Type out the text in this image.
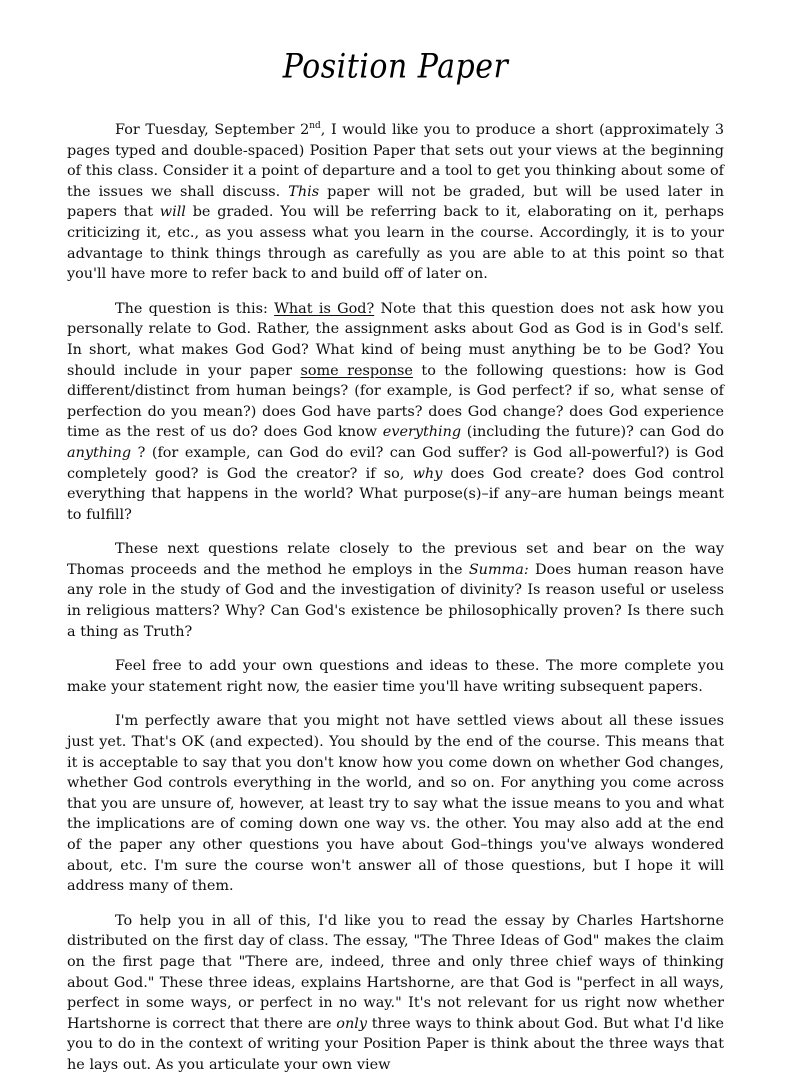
Position Paper

For Tuesday, September 2nd, I would like you to produce a short (approximately 3 pages typed and double-spaced) Position Paper that sets out your views at the beginning of this class. Consider it a point of departure and a tool to get you thinking about some of the issues we shall discuss. This paper will not be graded, but will be used later in papers that will be graded. You will be referring back to it, elaborating on it, perhaps criticizing it, etc., as you assess what you learn in the course. Accordingly, it is to your advantage to think things through as carefully as you are able to at this point so that you'll have more to refer back to and build off of later on.

The question is this: What is God? Note that this question does not ask how you personally relate to God. Rather, the assignment asks about God as God is in God's self. In short, what makes God God? What kind of being must anything be to be God? You should include in your paper some response to the following questions: how is God different/distinct from human beings? (for example, is God perfect? if so, what sense of perfection do you mean?) does God have parts? does God change? does God experience time as the rest of us do? does God know everything (including the future)? can God do anything ? (for example, can God do evil? can God suffer? is God all-powerful?) is God completely good? is God the creator? if so, why does God create? does God control everything that happens in the world? What purpose(s)–if any–are human beings meant to fulfill?

These next questions relate closely to the previous set and bear on the way Thomas proceeds and the method he employs in the Summa: Does human reason have any role in the study of God and the investigation of divinity? Is reason useful or useless in religious matters? Why? Can God's existence be philosophically proven? Is there such a thing as Truth?

Feel free to add your own questions and ideas to these. The more complete you make your statement right now, the easier time you'll have writing subsequent papers.

I'm perfectly aware that you might not have settled views about all these issues just yet. That's OK (and expected). You should by the end of the course. This means that it is acceptable to say that you don't know how you come down on whether God changes, whether God controls everything in the world, and so on. For anything you come across that you are unsure of, however, at least try to say what the issue means to you and what the implications are of coming down one way vs. the other. You may also add at the end of the paper any other questions you have about God–things you've always wondered about, etc. I'm sure the course won't answer all of those questions, but I hope it will address many of them.

To help you in all of this, I'd like you to read the essay by Charles Hartshorne distributed on the first day of class. The essay, "The Three Ideas of God" makes the claim on the first page that "There are, indeed, three and only three chief ways of thinking about God." These three ideas, explains Hartshorne, are that God is "perfect in all ways, perfect in some ways, or perfect in no way." It's not relevant for us right now whether Hartshorne is correct that there are only three ways to think about God. But what I'd like you to do in the context of writing your Position Paper is think about the three ways that he lays out. As you articulate your own view
